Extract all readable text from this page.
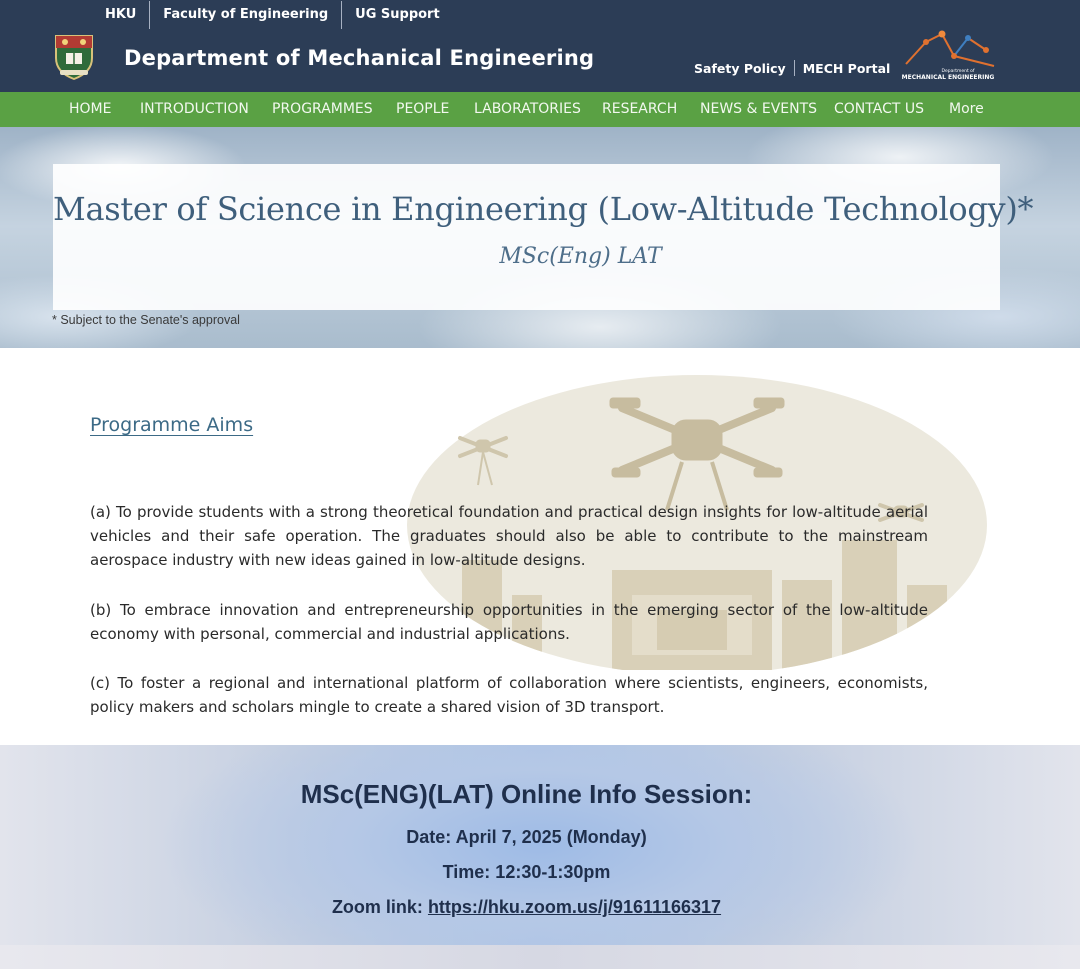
HKU	Faculty of Engineering	UG Support
Department of Mechanical Engineering	Safety Policy	MECH Portal	Department of
MECHANICAL ENGINEERING
HOME INTRODUCTION PROGRAMMES PEOPLE LABORATORIES RESEARCH NEWS & EVENTS CONTACT US More
Master of Science in Engineering (Low-Altitude Technology)*
MSc(Eng) LAT
* Subject to the Senate's approval
Programme Aims

(a) To provide students with a strong theoretical foundation and practical design insights for low-altitude aerial vehicles and their safe operation. The graduates should also be able to contribute to the mainstream aerospace industry with new ideas gained in low-altitude designs.

(b) To embrace innovation and entrepreneurship opportunities in the emerging sector of the low-altitude economy with personal, commercial and industrial applications.

(c) To foster a regional and international platform of collaboration where scientists, engineers, economists, policy makers and scholars mingle to create a shared vision of 3D transport.

MSc(ENG)(LAT) Online Info Session:
Date: April 7, 2025 (Monday)
Time: 12:30-1:30pm
Zoom link: https://hku.zoom.us/j/91611166317
